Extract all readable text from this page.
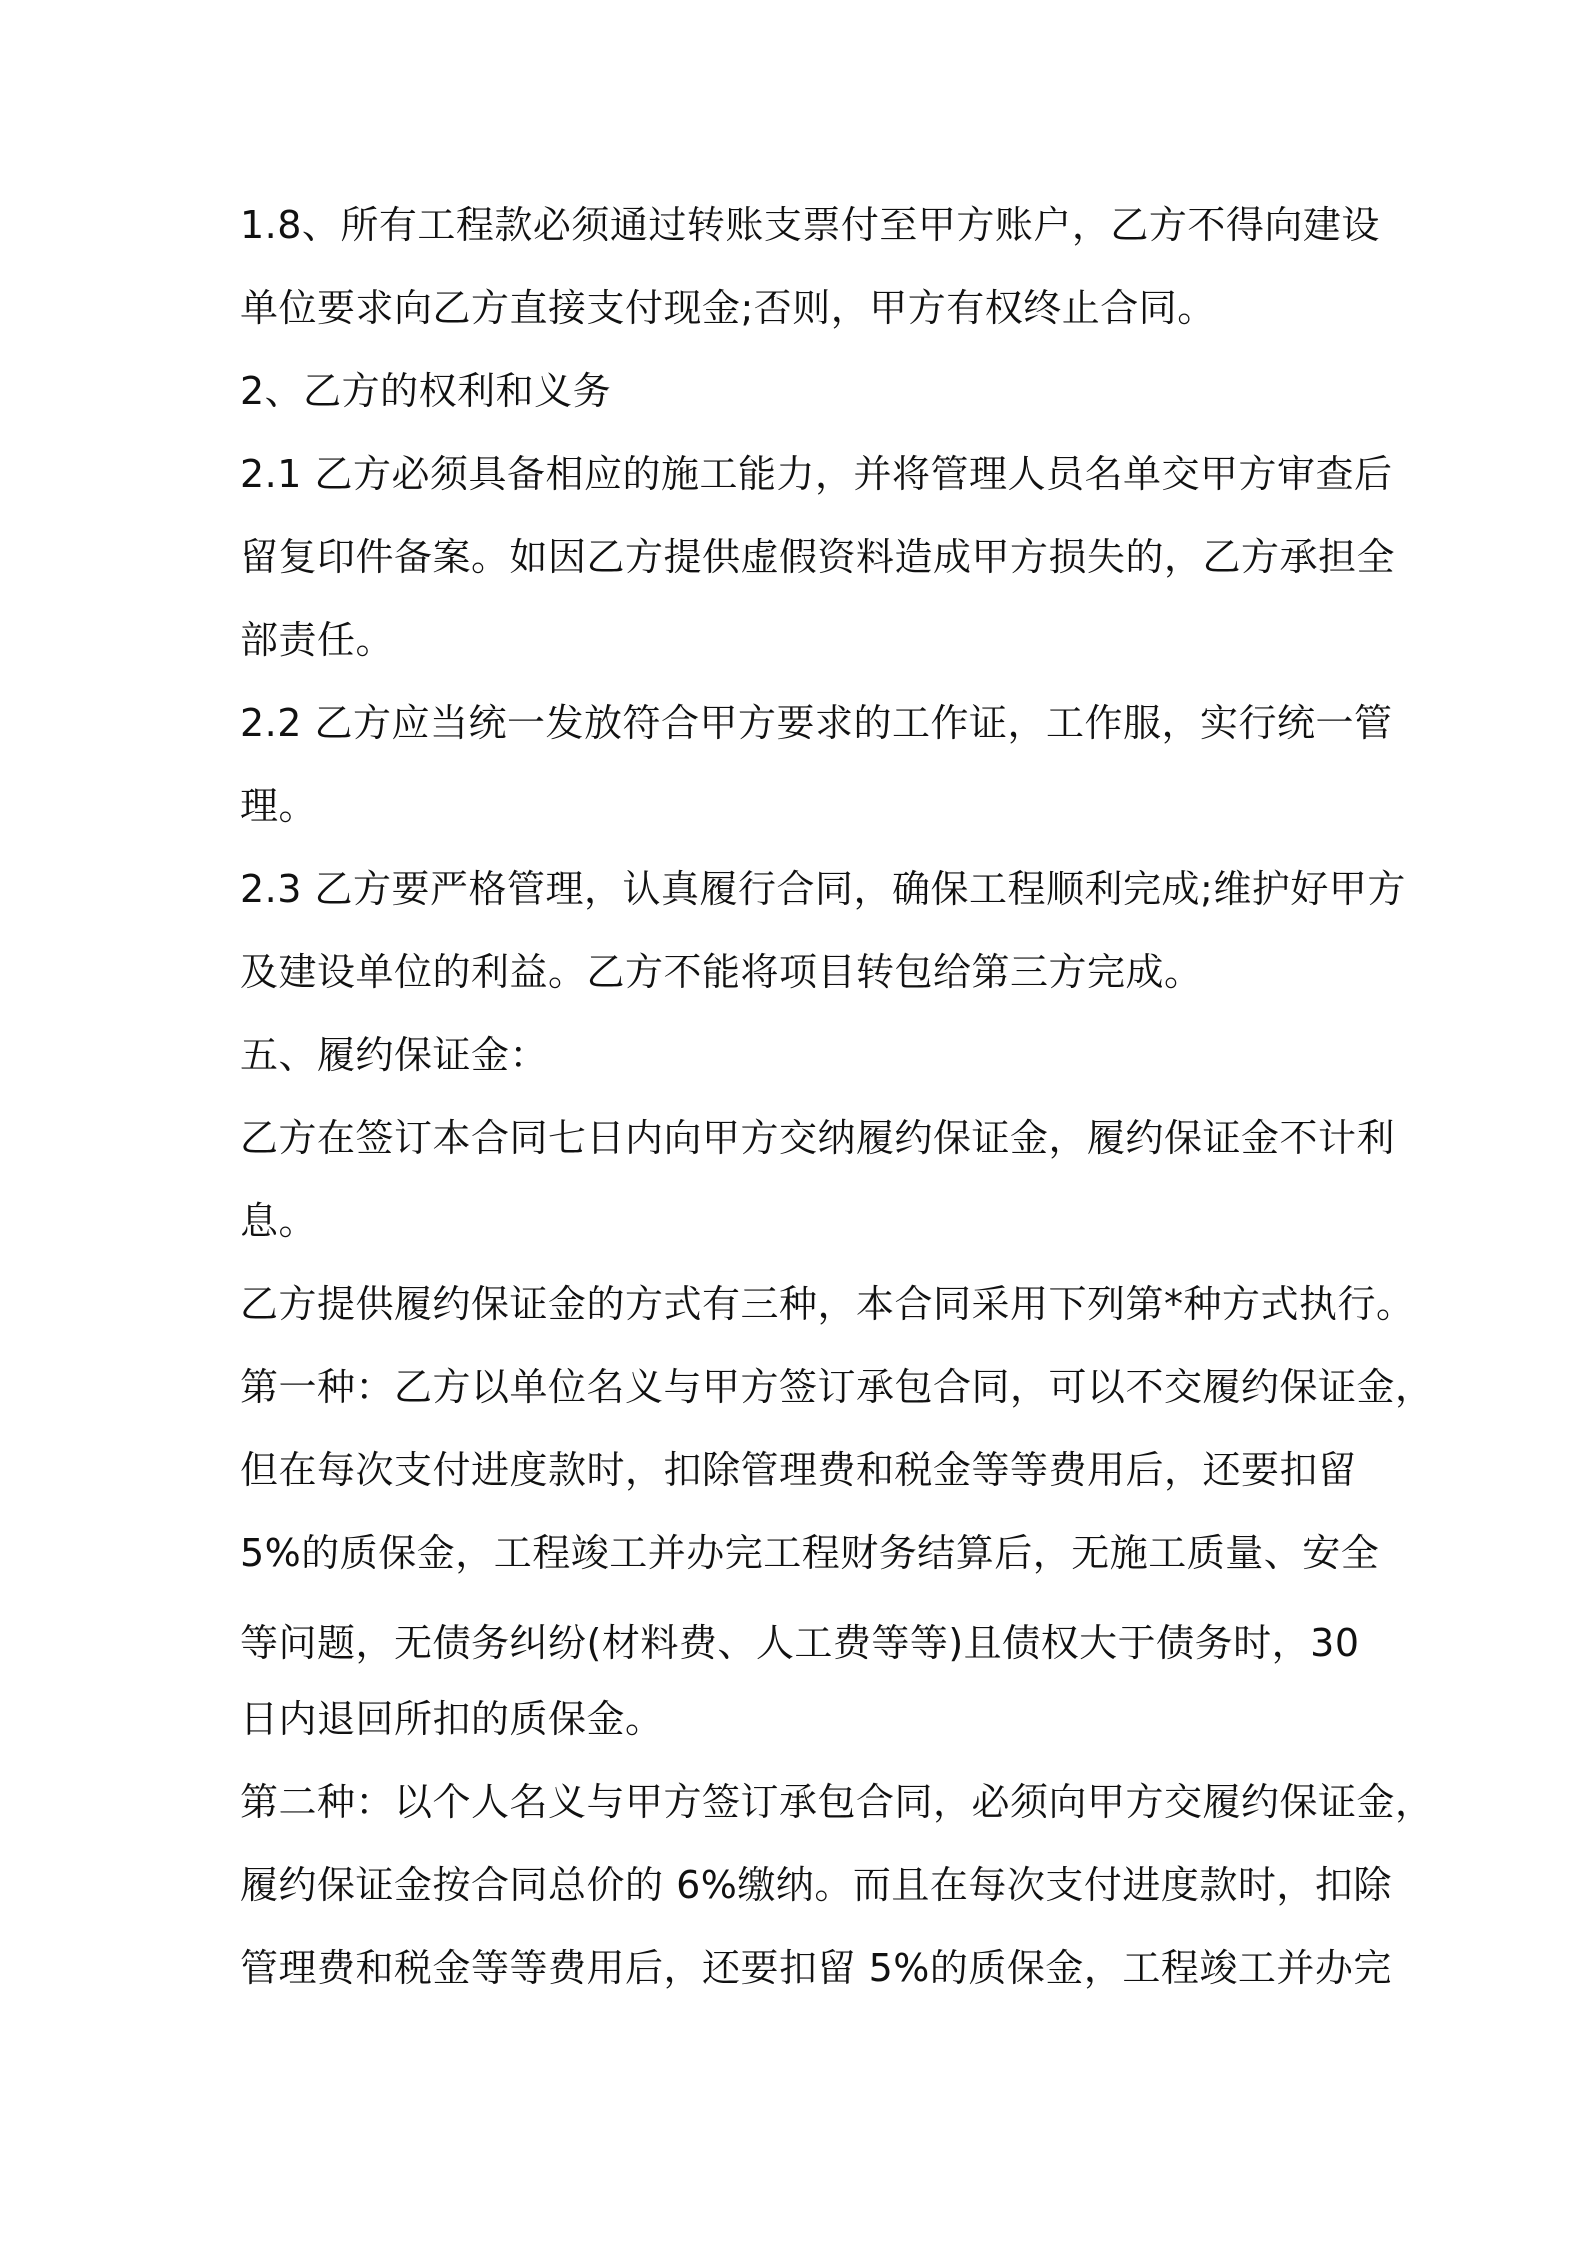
1.8、所有工程款必须通过转账支票付至甲方账户，乙方不得向建设
单位要求向乙方直接支付现金;否则，甲方有权终止合同。
2、乙方的权利和义务
2.1 乙方必须具备相应的施工能力，并将管理人员名单交甲方审查后
留复印件备案。如因乙方提供虚假资料造成甲方损失的，乙方承担全
部责任。
2.2 乙方应当统一发放符合甲方要求的工作证，工作服，实行统一管
理。
2.3 乙方要严格管理，认真履行合同，确保工程顺利完成;维护好甲方
及建设单位的利益。乙方不能将项目转包给第三方完成。
五、履约保证金：
乙方在签订本合同七日内向甲方交纳履约保证金，履约保证金不计利
息。
乙方提供履约保证金的方式有三种，本合同采用下列第*种方式执行。
第一种：乙方以单位名义与甲方签订承包合同，可以不交履约保证金，
但在每次支付进度款时，扣除管理费和税金等等费用后，还要扣留
5%的质保金，工程竣工并办完工程财务结算后，无施工质量、安全
等问题，无债务纠纷(材料费、人工费等等)且债权大于债务时，30
日内退回所扣的质保金。
第二种：以个人名义与甲方签订承包合同，必须向甲方交履约保证金，
履约保证金按合同总价的 6%缴纳。而且在每次支付进度款时，扣除
管理费和税金等等费用后，还要扣留 5%的质保金，工程竣工并办完
